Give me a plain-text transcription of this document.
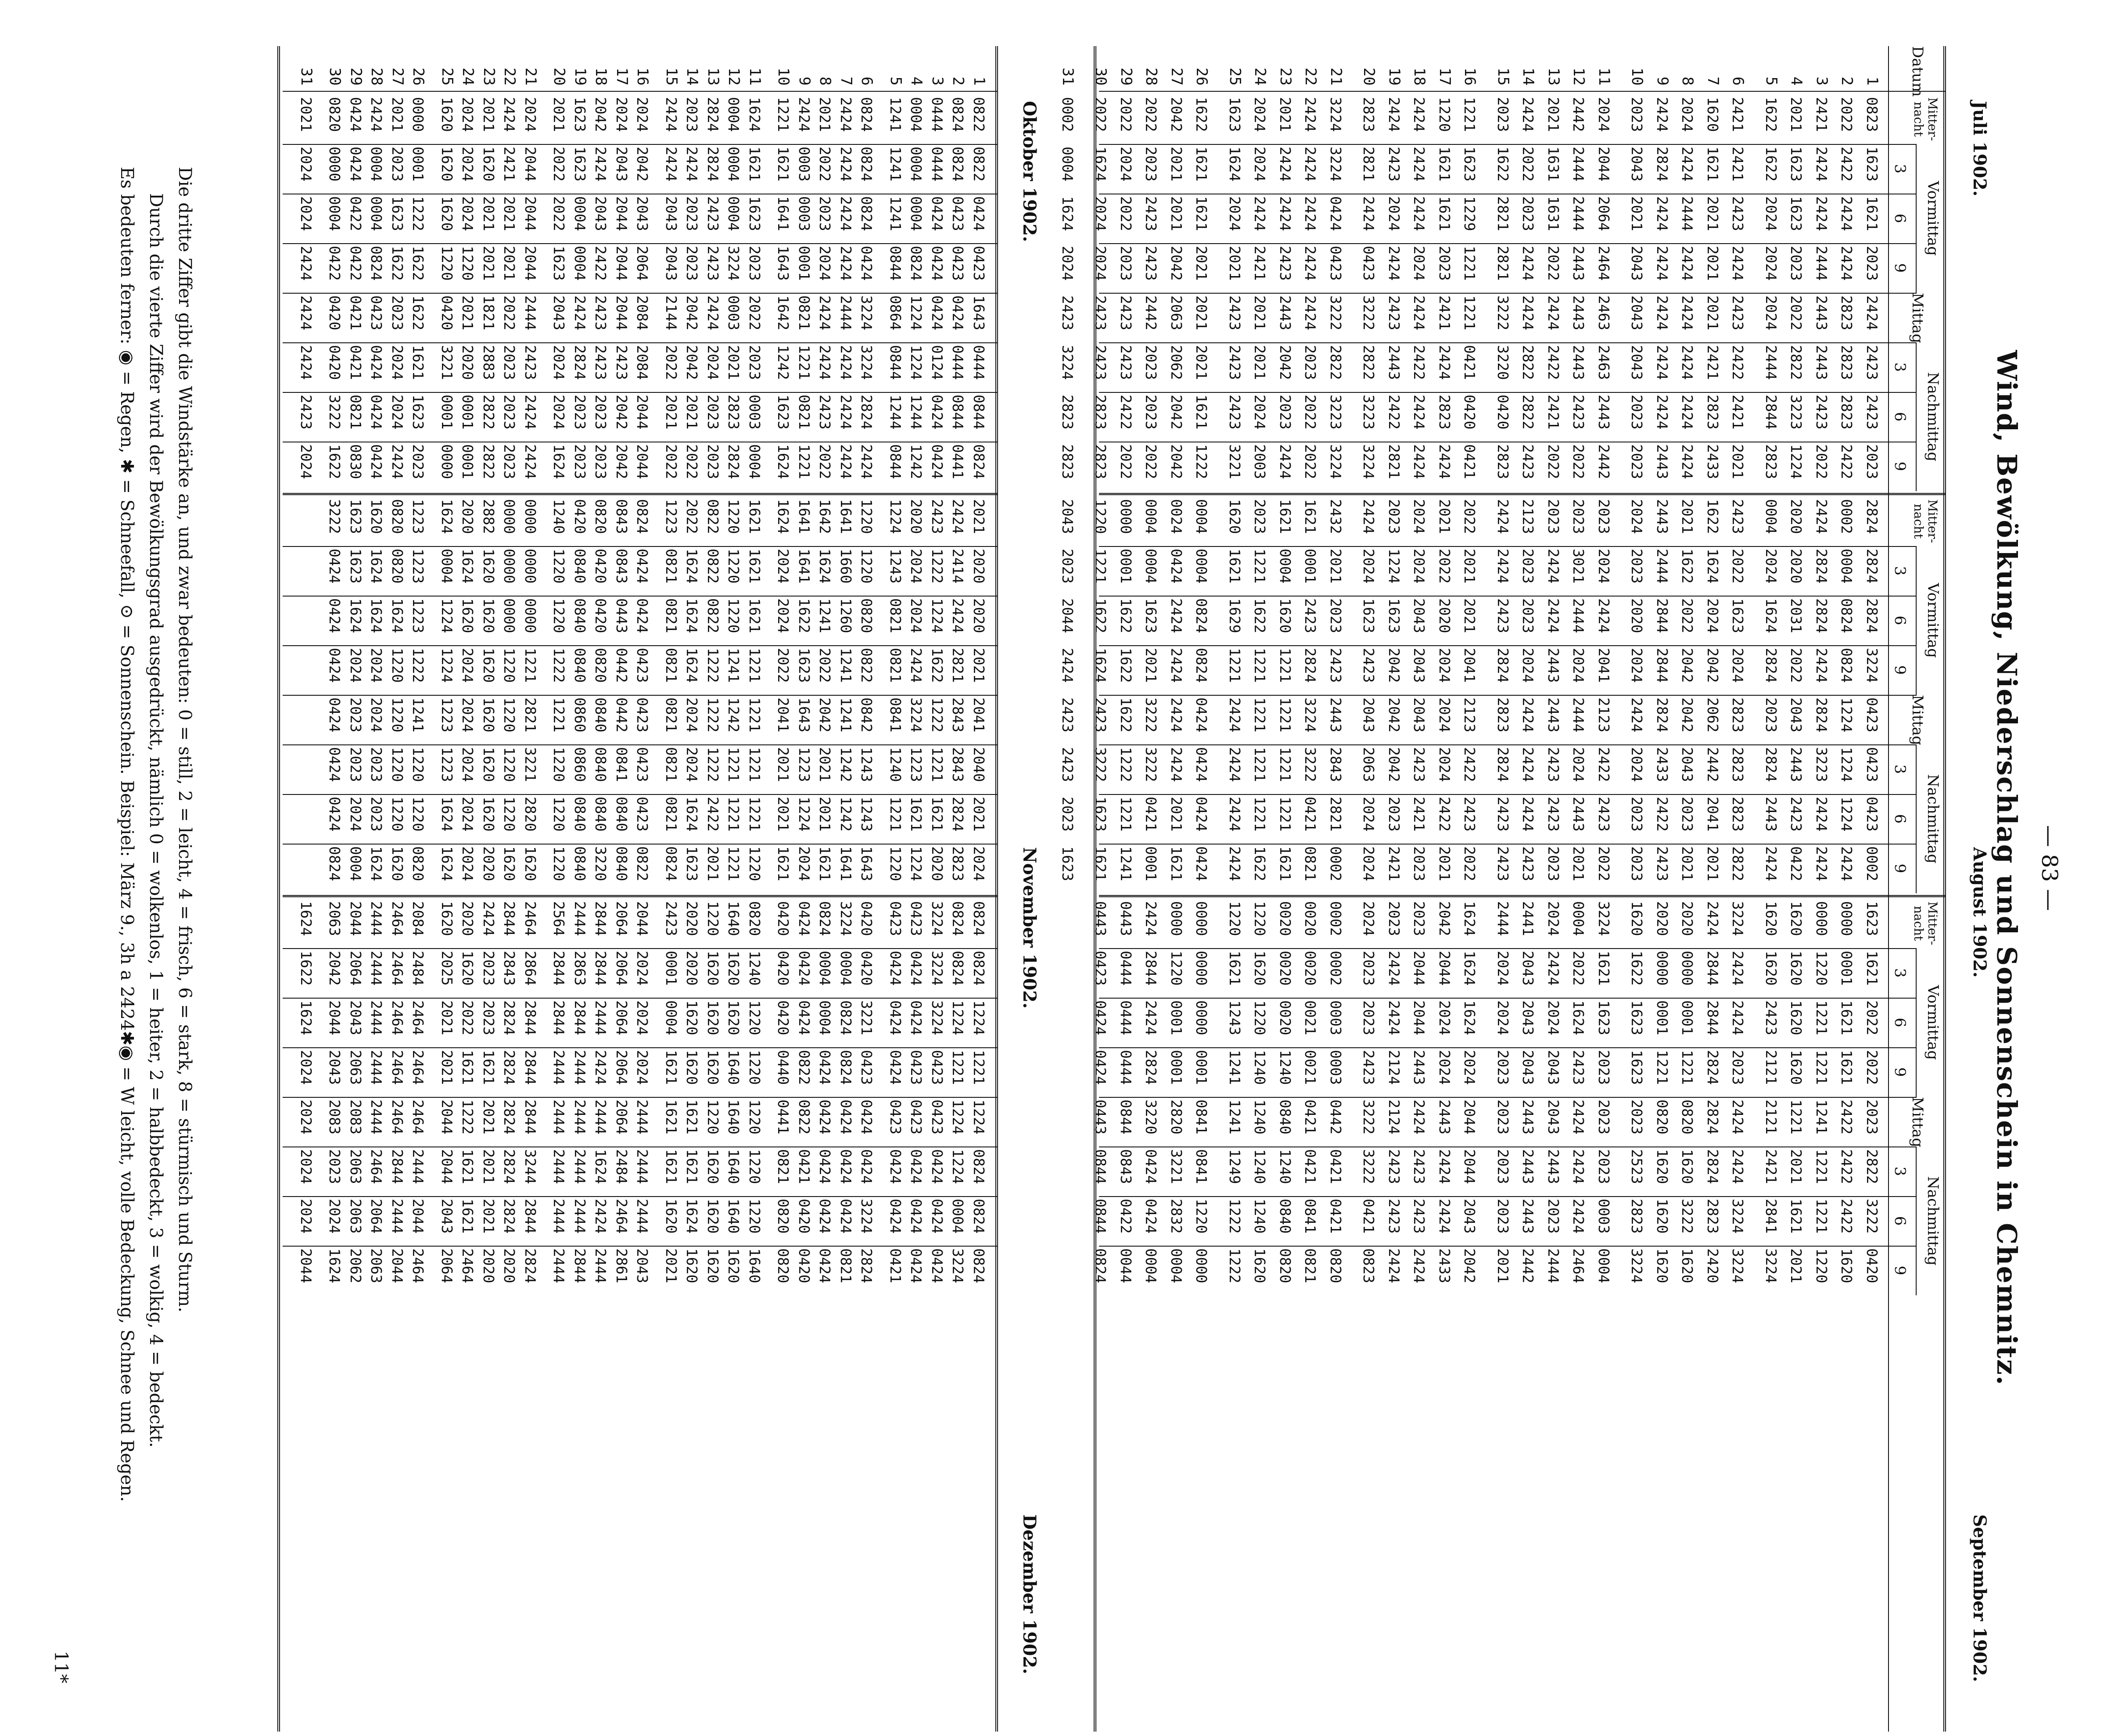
— 83 —
Wind, Bewölkung, Niederschlag und Sonnenschein in Chemnitz.
Juli 1902.
August 1902.
September 1902.
Oktober 1902.
November 1902.
Dezember 1902.
Datum
Mitter-nacht
Vormittag
Mittag
Nachmittag
3
6
9
3
6
9
Mitter-nacht
Vormittag
Mittag
Nachmittag
3
6
9
3
6
9
Mitter-nacht
Vormittag
Mittag
Nachmittag
3
6
9
3
6
9
1
2
3
4
5
6
7
8
9
10
11
12
13
14
15
16
17
18
19
20
21
22
23
24
25
26
27
28
29
30
31
0823
2022
2421
2021
1622
2421
1620
2024
2424
2023
2024
2442
2021
2424
2023
1221
1220
2424
2424
2823
3224
2424
2021
2024
1623
1622
2042
2022
2022
2022
0002
1623
2422
2424
1623
1622
2421
1621
2424
2824
2043
2044
2444
1631
2022
1622
1623
1621
2424
2423
2821
3224
2424
2424
2024
1624
1621
2021
2023
2024
1624
0004
1621
2424
2424
1623
2024
2423
2021
2444
2424
2021
2064
2444
1631
2023
2821
1229
1621
2424
2024
2424
0424
2424
2424
2424
2024
1621
2021
2423
2022
2024
1624
2023
2424
2444
2023
2024
2424
2021
2424
2424
2043
2464
2443
2022
2424
2821
1221
2023
2024
2424
0423
0423
2424
2423
2421
2021
2021
2042
2423
2023
2024
2024
2424
2823
2443
2022
2024
2423
2021
2424
2424
2043
2463
2443
2424
2424
3222
1221
2421
2424
2423
3222
3222
2424
2443
2021
2423
2021
2063
2442
2423
2423
2423
2423
2823
2443
2822
2444
2422
2421
2424
2424
2043
2463
2443
2422
2822
3220
0421
2424
2422
2443
2822
2822
2023
2042
2021
2423
2021
2062
2023
2423
2423
3224
2423
2823
2423
3223
2844
2421
2823
2424
2424
2023
2443
2423
2421
2822
0420
0420
2823
2424
2422
3223
3223
2022
2023
2024
2423
1621
2042
2023
2422
2823
2823
2023
2422
2022
1224
2823
2021
2433
2424
2443
2023
2442
2022
2022
2423
2823
0421
2424
2424
2821
3224
3224
2022
2424
2003
3221
1222
2042
2022
2022
2823
2823
2824
0002
2424
2020
0004
2423
1622
2021
2443
2024
2023
2023
2023
2123
2424
2022
2021
2024
2023
2424
2432
1621
1621
2023
1620
0004
0024
0004
0000
1220
2043
2824
0004
2824
2020
2024
2022
1624
1622
2444
2023
2024
3021
2424
2023
2424
2021
2022
2024
1224
2024
2021
0001
0004
1221
1621
0004
0424
0004
0001
1221
2023
2824
0824
2824
2031
1624
1623
2024
2022
2844
2020
2424
2444
2424
2023
2423
2021
2020
2043
1623
1623
2023
2423
1620
1622
1629
0824
2424
1623
1622
1622
2044
3224
0824
2424
2022
2824
2024
2042
2042
2844
2024
2041
2024
2443
2024
2824
2041
2024
2043
2042
2423
2423
2824
1221
1221
1221
0824
2424
2021
1622
1624
2424
0423
1224
2824
2043
2023
2823
2062
2042
2824
2424
2123
2444
2443
2424
2823
2123
2024
2043
2042
2043
2443
3224
1221
1221
2424
0424
2424
3222
1622
2423
2423
0423
1224
3223
2443
2824
2823
2442
2043
2433
2024
2422
2024
2423
2424
2824
2422
2024
2423
2042
2063
2843
3222
1221
1221
2424
0424
2424
3222
1222
3222
2423
0423
1224
2424
2423
2443
2823
2041
2023
2422
2023
2423
2443
2423
2424
2423
2423
2422
2421
2023
2024
2821
0421
1221
1221
2424
0424
2021
0421
1221
1623
2023
0002
2424
2424
0422
2424
2822
2021
2021
2423
2023
2022
2021
2023
2423
2423
2022
2021
2023
2421
2024
0002
0821
1621
1622
2424
0424
1621
0001
1241
1621
1623
1623
0000
0000
1620
1620
3224
2424
2020
2020
1620
3224
0004
2024
2441
2444
1624
2042
2023
2023
2024
0002
0020
0020
1220
1220
0000
0000
2424
0443
0443
1621
0001
1220
1620
1620
2424
2844
0000
0000
1622
1621
2022
2424
2043
2024
1624
2044
2044
2424
2023
0002
0020
0020
1620
1621
0000
1220
2844
0444
0423
2022
1621
1221
1620
2423
2424
2844
0001
0001
1623
1623
1624
2024
2043
2024
1624
2024
2044
2424
2023
0003
0021
0020
1220
1243
0000
0001
2424
0444
0424
2022
1621
1221
1620
2121
2023
2824
1221
1221
1623
2023
2423
2043
2043
2023
2024
2024
2443
2124
2423
0003
0021
1240
1240
1241
0001
0001
2824
0444
0424
2023
2422
1241
1221
2121
2424
2824
0820
0820
2023
2023
2424
2043
2443
2023
2044
2443
2424
2124
3222
0442
0421
0840
1240
1241
0841
2820
3220
0844
0443
2822
2422
1221
2021
2421
2424
2824
1620
1620
2523
2023
2424
2443
2443
2023
2044
2424
2423
2423
3222
0421
0421
1240
1240
1249
0841
3221
0424
0843
0844
3222
2422
1221
1621
2841
3224
2823
3222
1620
2823
0003
2424
2023
2443
2023
2043
2424
2423
2423
0421
0421
0841
0840
1240
1222
1220
2832
0424
0422
0844
0420
1620
1220
2021
3224
3224
2420
1620
1620
3224
0004
2464
2444
2442
2021
2042
2433
2424
2424
0823
0820
0821
0820
1620
1222
0000
0004
0004
0044
0824
1
2
3
4
5
6
7
8
9
10
11
12
13
14
15
16
17
18
19
20
21
22
23
24
25
26
27
28
29
30
31
0822
0824
0444
0004
1241
0824
2424
2021
2424
1221
1624
0004
2824
2023
2424
2024
2024
2042
1623
2021
2024
2424
2021
2024
1620
0000
2021
2424
0424
0820
2021
0822
0824
0444
0004
1241
0824
2424
2022
0003
1621
1621
0004
2824
2424
2424
2042
2043
2424
1623
2022
2044
2421
1620
2024
1620
0001
2023
0004
0424
0000
2024
0424
0423
0424
0004
1241
0824
2424
2023
0003
1641
1623
0004
2423
2023
2043
2043
2044
2043
0004
2022
2044
2021
2021
2024
1620
1222
1623
0004
0422
0004
2024
0423
0423
0424
0824
0844
0424
2424
2024
0001
1643
2023
3224
2423
2023
2043
2064
2044
2422
0004
1623
2044
2021
2021
1220
1220
1622
1622
0824
0422
0422
2424
1643
0424
0424
1224
0864
3224
2444
2424
0821
1642
2022
0003
2424
2042
2144
2084
2044
2423
2424
2043
2444
2022
1821
2021
0420
1622
2023
0423
0421
0420
2424
0444
0444
0124
1224
0844
3224
2424
2424
1221
1242
2023
2021
2024
2042
2022
2084
2423
2423
2824
2024
2423
2023
2883
2020
3221
1621
2024
0424
0421
0420
2424
0844
0844
0424
1244
1244
2824
2424
2423
0821
1623
0003
2823
2023
2021
2021
2044
2042
2023
2023
2024
2424
2023
2822
0001
0001
1623
2024
0424
0821
3222
2423
0824
0441
0424
1242
0844
2424
2424
2022
1221
1624
0004
2824
2023
2022
2022
2044
2042
2023
2023
1624
2424
2023
2822
0001
0000
2023
2424
0424
0830
1622
2024
2021
2424
2423
2020
1224
1220
1641
1642
1641
1624
1621
1220
0822
2022
1223
0824
0843
0820
0420
1240
0000
0000
2882
2020
1624
1223
0820
1620
1623
3222
2020
2414
1222
2024
1243
1220
1660
1624
1641
2024
1621
1220
0822
1624
0821
0424
0843
0420
0840
1220
0000
0000
1620
1624
0004
1223
0820
1624
1623
0424
2020
2424
1224
2024
0821
0820
1260
1241
1622
2024
1621
1220
0822
1624
0821
0424
0443
0420
0840
1220
0000
0000
1620
1620
1224
1223
1624
1624
1624
0424
2021
2821
1622
2424
0821
0822
1241
2022
1623
2022
1221
1241
1222
1624
0821
0423
0442
0820
0840
1222
1221
1220
1620
2024
1224
1222
1220
2024
2024
0424
2041
2843
1222
3224
0841
0842
1241
2042
1643
2041
1221
1242
1222
2024
0821
0423
0442
0840
0860
1221
2821
1220
1620
2024
1223
1241
1220
2024
2023
0424
2040
2843
1221
1223
1240
1243
1242
2021
1223
2021
1221
1221
1222
2024
0821
0423
0841
0840
0860
1220
3221
1220
1620
2024
1223
1220
1220
2023
2023
0424
2021
2824
1621
1621
1221
1243
1242
2021
1224
2021
1221
1221
2422
1624
0821
0423
0840
0840
0840
1220
2820
1220
1620
2024
1624
1220
1220
2023
2024
0424
2024
2823
2020
1224
1220
1643
1641
1621
2024
1621
1220
1221
2021
1623
0824
0822
0840
3220
0840
1220
1620
1620
2020
2024
1624
0820
1620
1624
0004
0824
0824
0824
3224
0423
0423
0420
3224
0824
0424
0420
0820
1640
1220
2020
2423
2044
2064
2844
2444
2564
2464
2844
2424
2020
1620
2084
2464
2444
2044
2063
1624
0824
0824
3224
0424
0424
0420
0004
0004
0424
0420
1240
1620
1620
2020
0001
2024
2064
2844
2863
2844
2864
2843
2023
1620
2025
2484
2464
2444
2064
2042
1622
1224
1224
3224
0424
0424
3221
0824
0004
0424
0420
1220
1620
1620
1620
0004
2024
2064
2444
2844
2844
2844
2824
2023
2022
2021
2464
2464
2444
2043
2044
1624
1221
1221
0423
0423
0424
0423
0824
0424
0822
0440
1220
1640
1620
1620
1621
2024
2064
2424
2444
2444
2844
2824
1621
1621
2021
2464
2464
2444
2063
2043
2024
1224
1224
0423
0423
0423
0424
0424
0424
0822
0441
1220
1640
1220
1621
1621
2444
2064
2444
2444
2444
2844
2824
2021
1222
2044
2464
2464
2444
2083
2083
2024
0824
1224
0424
0424
0424
0424
0424
0424
0421
0821
1220
1640
1620
1621
1621
2444
2484
1624
2444
2444
3244
2824
2021
1621
2044
2444
2844
2464
2063
2023
2024
0824
0004
0424
0424
0424
3224
0424
0424
0420
0820
1220
1640
1620
1624
1620
2444
2464
2424
2444
2444
2844
2824
2021
1621
2043
2044
2444
2064
2063
2024
2024
0824
3224
0424
0424
0421
2824
0821
0424
0420
0820
1640
1620
1620
1620
2021
2043
2861
2444
2844
2444
2824
2020
2020
2464
2064
2464
2044
2063
2062
1624
2044

Die dritte Ziffer gibt die Windstärke an, und zwar bedeuten: 0 = still, 2 = leicht, 4 = frisch, 6 = stark, 8 = stürmisch und Sturm.

Durch die vierte Ziffer wird der Bewölkungsgrad ausgedrückt, nämlich 0 = wolkenlos, 1 = heiter, 2 = halbbedeckt, 3 = wolkig, 4 = bedeckt.

Es bedeuten ferner: ◉ = Regen, ✱ = Schneefall, ⊙ = Sonnenschein. Beispiel: März 9., 3h a 2424✱◉ = W leicht, volle Bedeckung, Schnee und Regen.

11*
